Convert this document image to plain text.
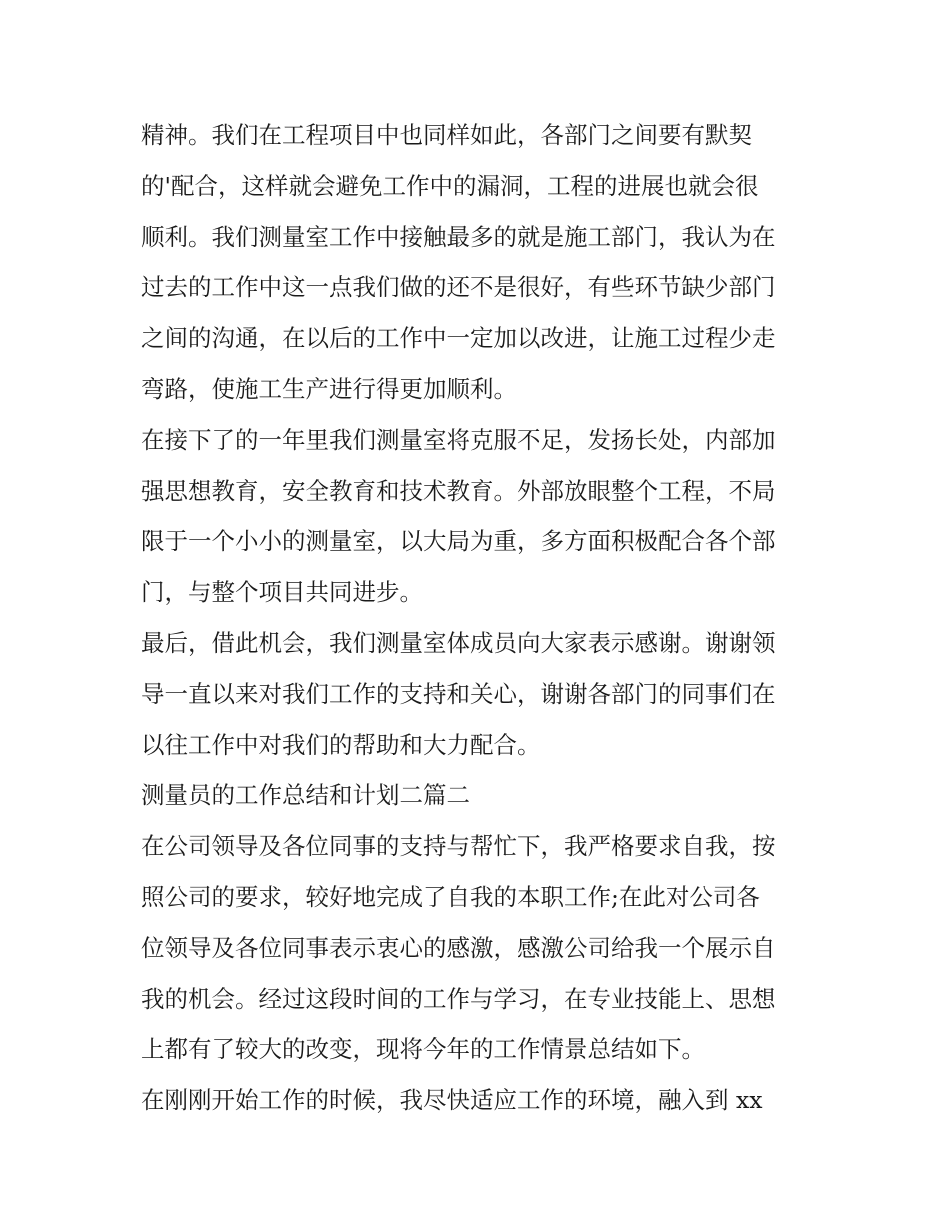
精神。我们在工程项目中也同样如此，各部门之间要有默契
的'配合，这样就会避免工作中的漏洞，工程的进展也就会很
顺利。我们测量室工作中接触最多的就是施工部门，我认为在
过去的工作中这一点我们做的还不是很好，有些环节缺少部门
之间的沟通，在以后的工作中一定加以改进，让施工过程少走
弯路，使施工生产进行得更加顺利。
在接下了的一年里我们测量室将克服不足，发扬长处，内部加
强思想教育，安全教育和技术教育。外部放眼整个工程，不局
限于一个小小的测量室，以大局为重，多方面积极配合各个部
门，与整个项目共同进步。
最后，借此机会，我们测量室体成员向大家表示感谢。谢谢领
导一直以来对我们工作的支持和关心，谢谢各部门的同事们在
以往工作中对我们的帮助和大力配合。
测量员的工作总结和计划二篇二
在公司领导及各位同事的支持与帮忙下，我严格要求自我，按
照公司的要求，较好地完成了自我的本职工作;在此对公司各
位领导及各位同事表示衷心的感激，感激公司给我一个展示自
我的机会。经过这段时间的工作与学习，在专业技能上、思想
上都有了较大的改变，现将今年的工作情景总结如下。
在刚刚开始工作的时候，我尽快适应工作的环境，融入到 xx
